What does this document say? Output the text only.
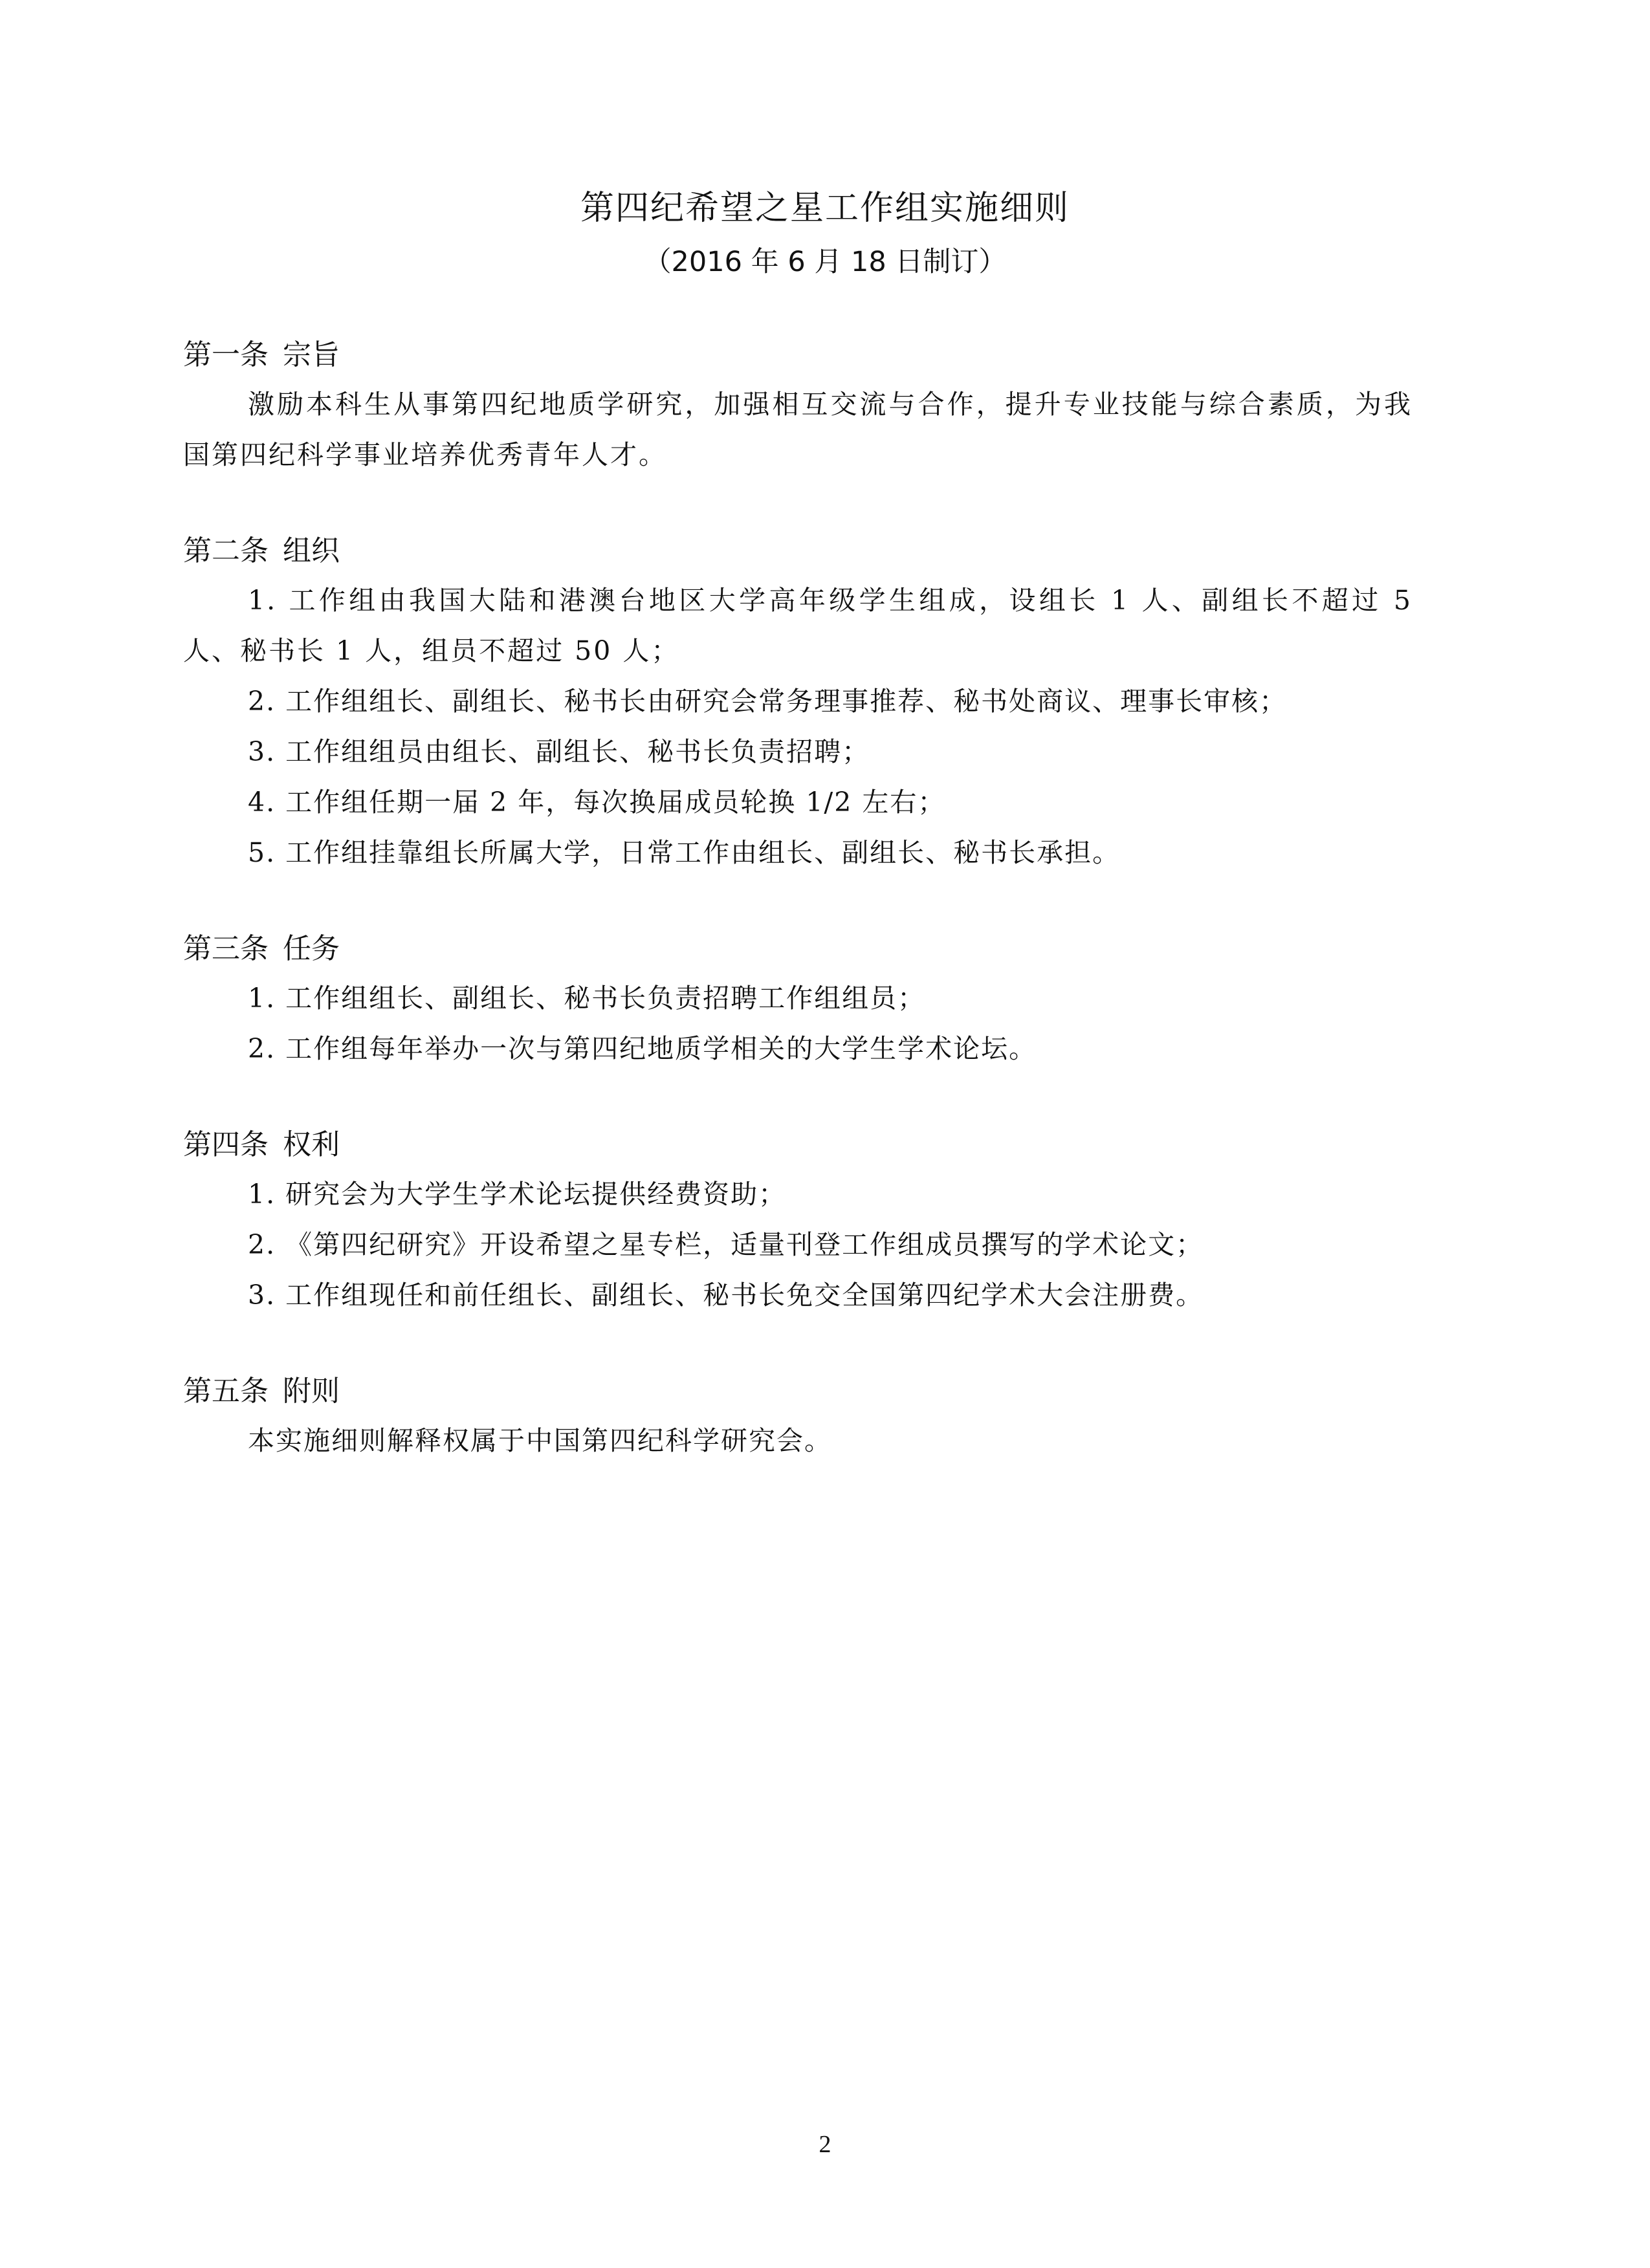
第四纪希望之星工作组实施细则
（2016 年 6 月 18 日制订）
第一条 宗旨

激励本科生从事第四纪地质学研究，加强相互交流与合作，提升专业技能与综合素质，为我国第四纪科学事业培养优秀青年人才。

第二条 组织

1. 工作组由我国大陆和港澳台地区大学高年级学生组成，设组长 1 人、副组长不超过 5 人、秘书长 1 人，组员不超过 50 人；

2. 工作组组长、副组长、秘书长由研究会常务理事推荐、秘书处商议、理事长审核；

3. 工作组组员由组长、副组长、秘书长负责招聘；

4. 工作组任期一届 2 年，每次换届成员轮换 1/2 左右；

5. 工作组挂靠组长所属大学，日常工作由组长、副组长、秘书长承担。

第三条 任务

1. 工作组组长、副组长、秘书长负责招聘工作组组员；

2. 工作组每年举办一次与第四纪地质学相关的大学生学术论坛。

第四条 权利

1. 研究会为大学生学术论坛提供经费资助；

2. 《第四纪研究》开设希望之星专栏，适量刊登工作组成员撰写的学术论文；

3. 工作组现任和前任组长、副组长、秘书长免交全国第四纪学术大会注册费。

第五条 附则

本实施细则解释权属于中国第四纪科学研究会。

2
